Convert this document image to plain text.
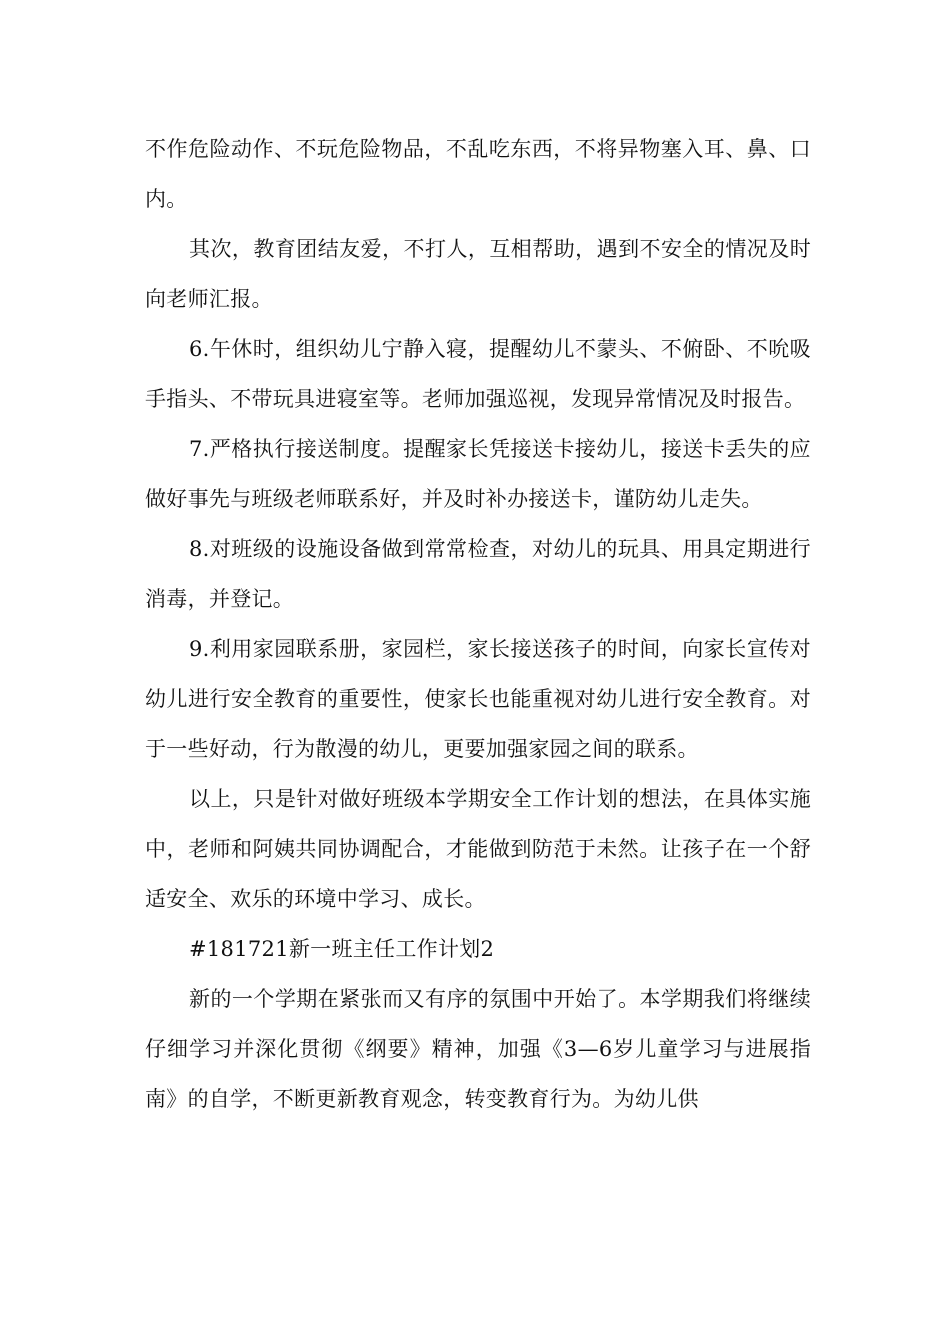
不作危险动作、不玩危险物品，不乱吃东西，不将异物塞入耳、鼻、口内。

其次，教育团结友爱，不打人，互相帮助，遇到不安全的情况及时向老师汇报。

6.午休时，组织幼儿宁静入寝，提醒幼儿不蒙头、不俯卧、不吮吸手指头、不带玩具进寝室等。老师加强巡视，发现异常情况及时报告。

7.严格执行接送制度。提醒家长凭接送卡接幼儿，接送卡丢失的应做好事先与班级老师联系好，并及时补办接送卡，谨防幼儿走失。

8.对班级的设施设备做到常常检查，对幼儿的玩具、用具定期进行消毒，并登记。

9.利用家园联系册，家园栏，家长接送孩子的时间，向家长宣传对幼儿进行安全教育的重要性，使家长也能重视对幼儿进行安全教育。对于一些好动，行为散漫的幼儿，更要加强家园之间的联系。

以上，只是针对做好班级本学期安全工作计划的想法，在具体实施中，老师和阿姨共同协调配合，才能做到防范于未然。让孩子在一个舒适安全、欢乐的环境中学习、成长。

#181721新一班主任工作计划2

新的一个学期在紧张而又有序的氛围中开始了。本学期我们将继续仔细学习并深化贯彻《纲要》精神，加强《3—6岁儿童学习与进展指南》的自学，不断更新教育观念，转变教育行为。为幼儿供
